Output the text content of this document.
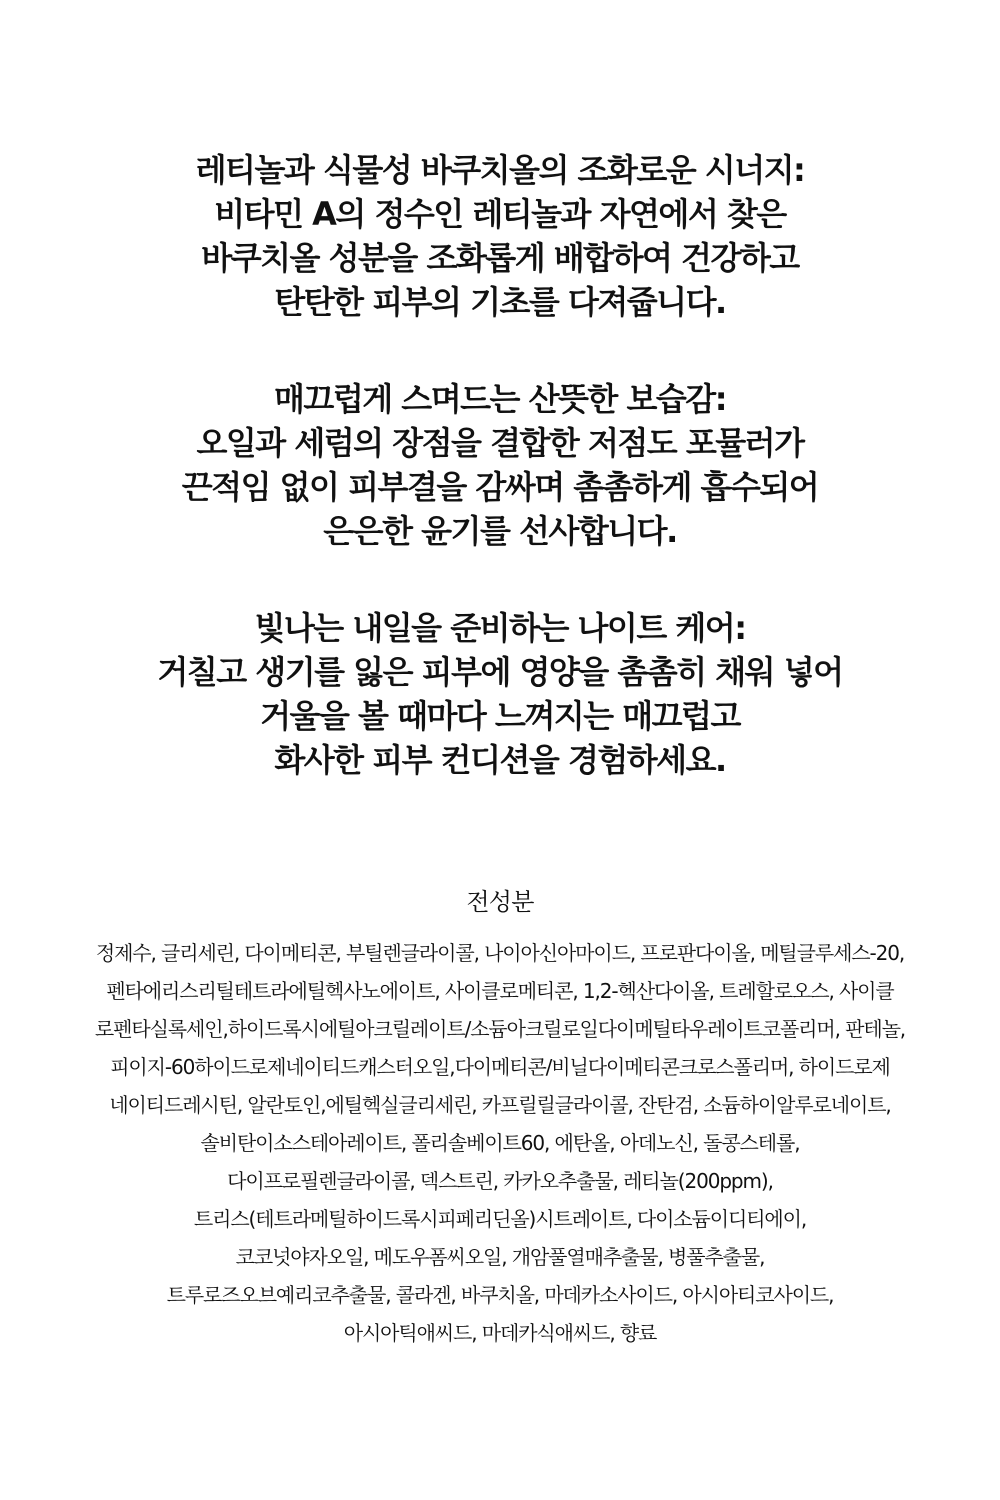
레티놀과 식물성 바쿠치올의 조화로운 시너지:
비타민 A의 정수인 레티놀과 자연에서 찾은
바쿠치올 성분을 조화롭게 배합하여 건강하고
탄탄한 피부의 기초를 다져줍니다.
매끄럽게 스며드는 산뜻한 보습감:
오일과 세럼의 장점을 결합한 저점도 포뮬러가
끈적임 없이 피부결을 감싸며 촘촘하게 흡수되어
은은한 윤기를 선사합니다.
빛나는 내일을 준비하는 나이트 케어:
거칠고 생기를 잃은 피부에 영양을 촘촘히 채워 넣어
거울을 볼 때마다 느껴지는 매끄럽고
화사한 피부 컨디션을 경험하세요.
전성분
정제수, 글리세린, 다이메티콘, 부틸렌글라이콜, 나이아신아마이드, 프로판다이올, 메틸글루세스-20,
펜타에리스리틸테트라에틸헥사노에이트, 사이클로메티콘, 1,2-헥산다이올, 트레할로오스, 사이클
로펜타실록세인,하이드록시에틸아크릴레이트/소듐아크릴로일다이메틸타우레이트코폴리머, 판테놀,
피이지-60하이드로제네이티드캐스터오일,다이메티콘/비닐다이메티콘크로스폴리머, 하이드로제
네이티드레시틴, 알란토인,에틸헥실글리세린, 카프릴릴글라이콜, 잔탄검, 소듐하이알루로네이트,
솔비탄이소스테아레이트, 폴리솔베이트60, 에탄올, 아데노신, 돌콩스테롤,
다이프로필렌글라이콜, 덱스트린, 카카오추출물, 레티놀(200ppm),
트리스(테트라메틸하이드록시피페리딘올)시트레이트, 다이소듐이디티에이,
코코넛야자오일, 메도우폼씨오일, 개암풀열매추출물, 병풀추출물,
트루로즈오브예리코추출물, 콜라겐, 바쿠치올, 마데카소사이드, 아시아티코사이드,
아시아틱애씨드, 마데카식애씨드, 향료
